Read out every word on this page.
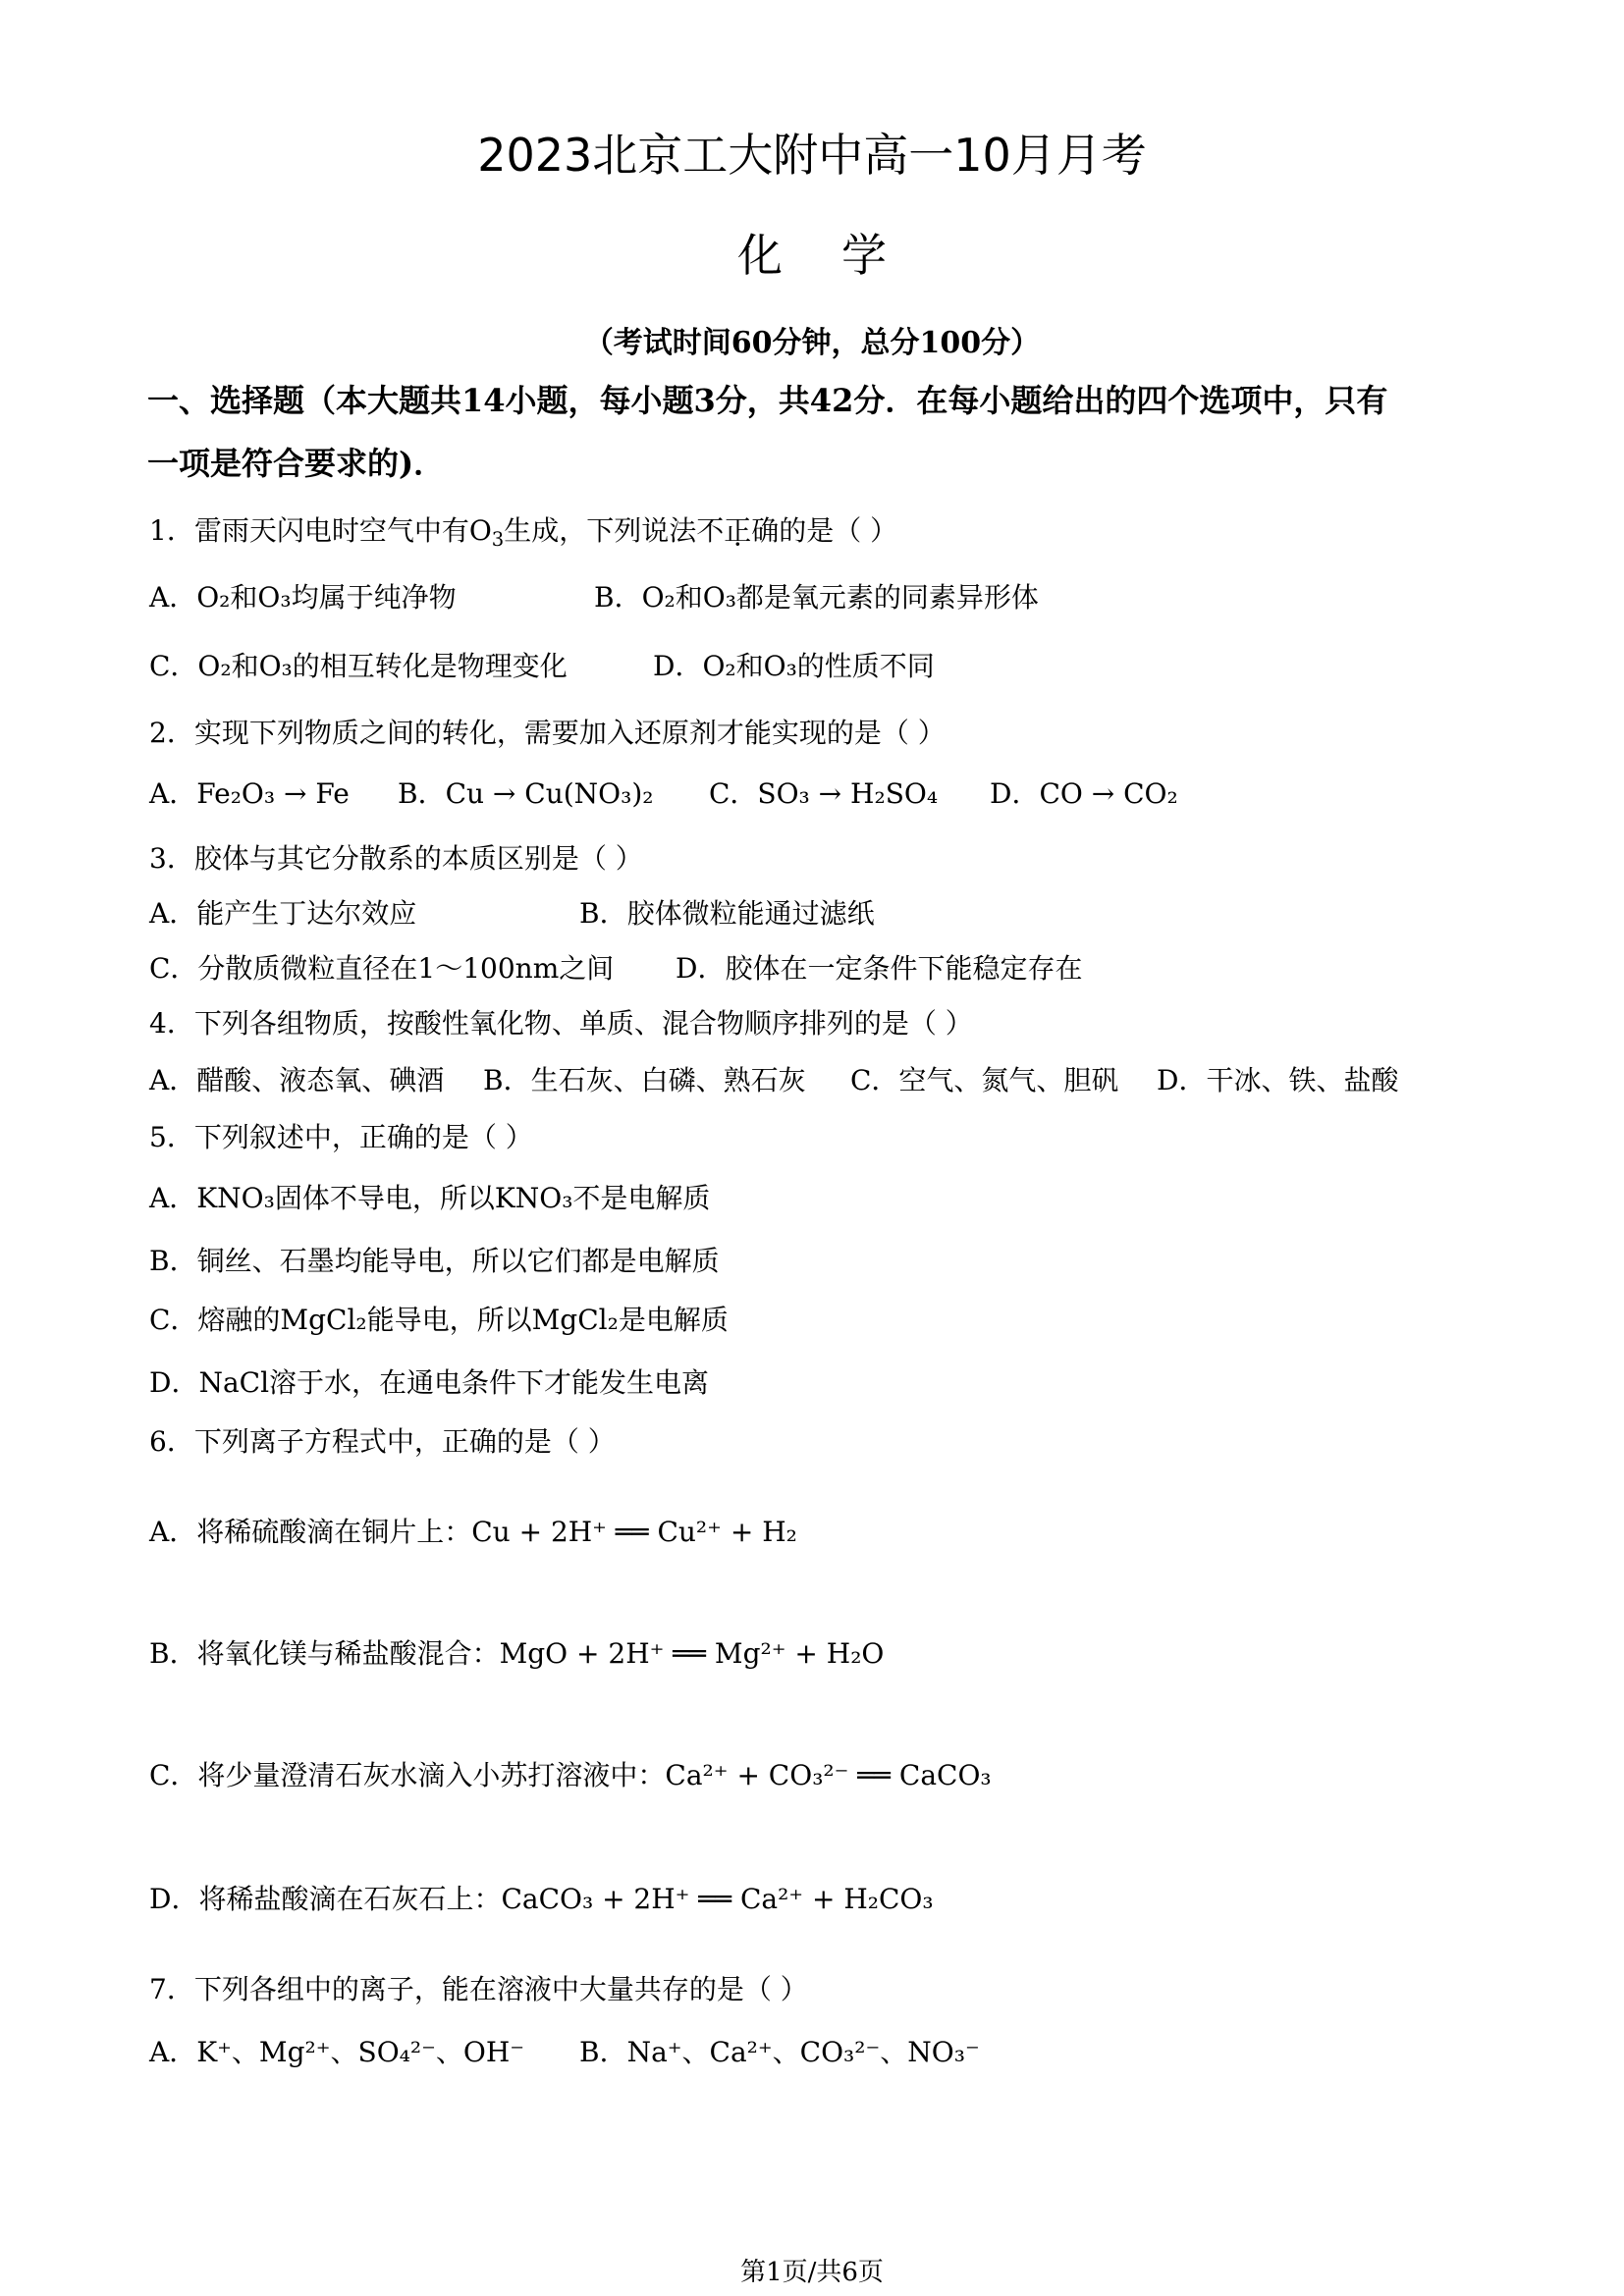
2023北京工大附中高一10月月考
化学
（考试时间60分钟，总分100分）
一、选择题（本大题共14小题，每小题3分，共42分．在每小题给出的四个选项中，只有
一项是符合要求的)．
1．雷雨天闪电时空气中有$O_3$生成，下列说法不正确的是（ ）
A．O₂和O₃均属于纯净物	B．O₂和O₃都是氧元素的同素异形体
C．O₂和O₃的相互转化是物理变化	D．O₂和O₃的性质不同
2．实现下列物质之间的转化，需要加入还原剂才能实现的是（ ）
A．Fe₂O₃ → Fe B．Cu → Cu(NO₃)₂ C．SO₃ → H₂SO₄ D．CO → CO₂
3．胶体与其它分散系的本质区别是（ ）
A．能产生丁达尔效应	B．胶体微粒能通过滤纸
C．分散质微粒直径在1～100nm之间 D．胶体在一定条件下能稳定存在
4．下列各组物质，按酸性氧化物、单质、混合物顺序排列的是（ ）
A．醋酸、液态氧、碘酒 B．生石灰、白磷、熟石灰 C．空气、氮气、胆矾 D．干冰、铁、盐酸
5．下列叙述中，正确的是（ ）
A．KNO₃固体不导电，所以KNO₃不是电解质
B．铜丝、石墨均能导电，所以它们都是电解质
C．熔融的MgCl₂能导电，所以MgCl₂是电解质
D．NaCl溶于水，在通电条件下才能发生电离
6．下列离子方程式中，正确的是（ ）
A．将稀硫酸滴在铜片上：Cu + 2H⁺ ══ Cu²⁺ + H₂
B．将氧化镁与稀盐酸混合：MgO + 2H⁺ ══ Mg²⁺ + H₂O
C．将少量澄清石灰水滴入小苏打溶液中：Ca²⁺ + CO₃²⁻ ══ CaCO₃
D．将稀盐酸滴在石灰石上：CaCO₃ + 2H⁺ ══ Ca²⁺ + H₂CO₃
7．下列各组中的离子，能在溶液中大量共存的是（ ）
A．K⁺、Mg²⁺、SO₄²⁻、OH⁻ B．Na⁺、Ca²⁺、CO₃²⁻、NO₃⁻
第1页/共6页
